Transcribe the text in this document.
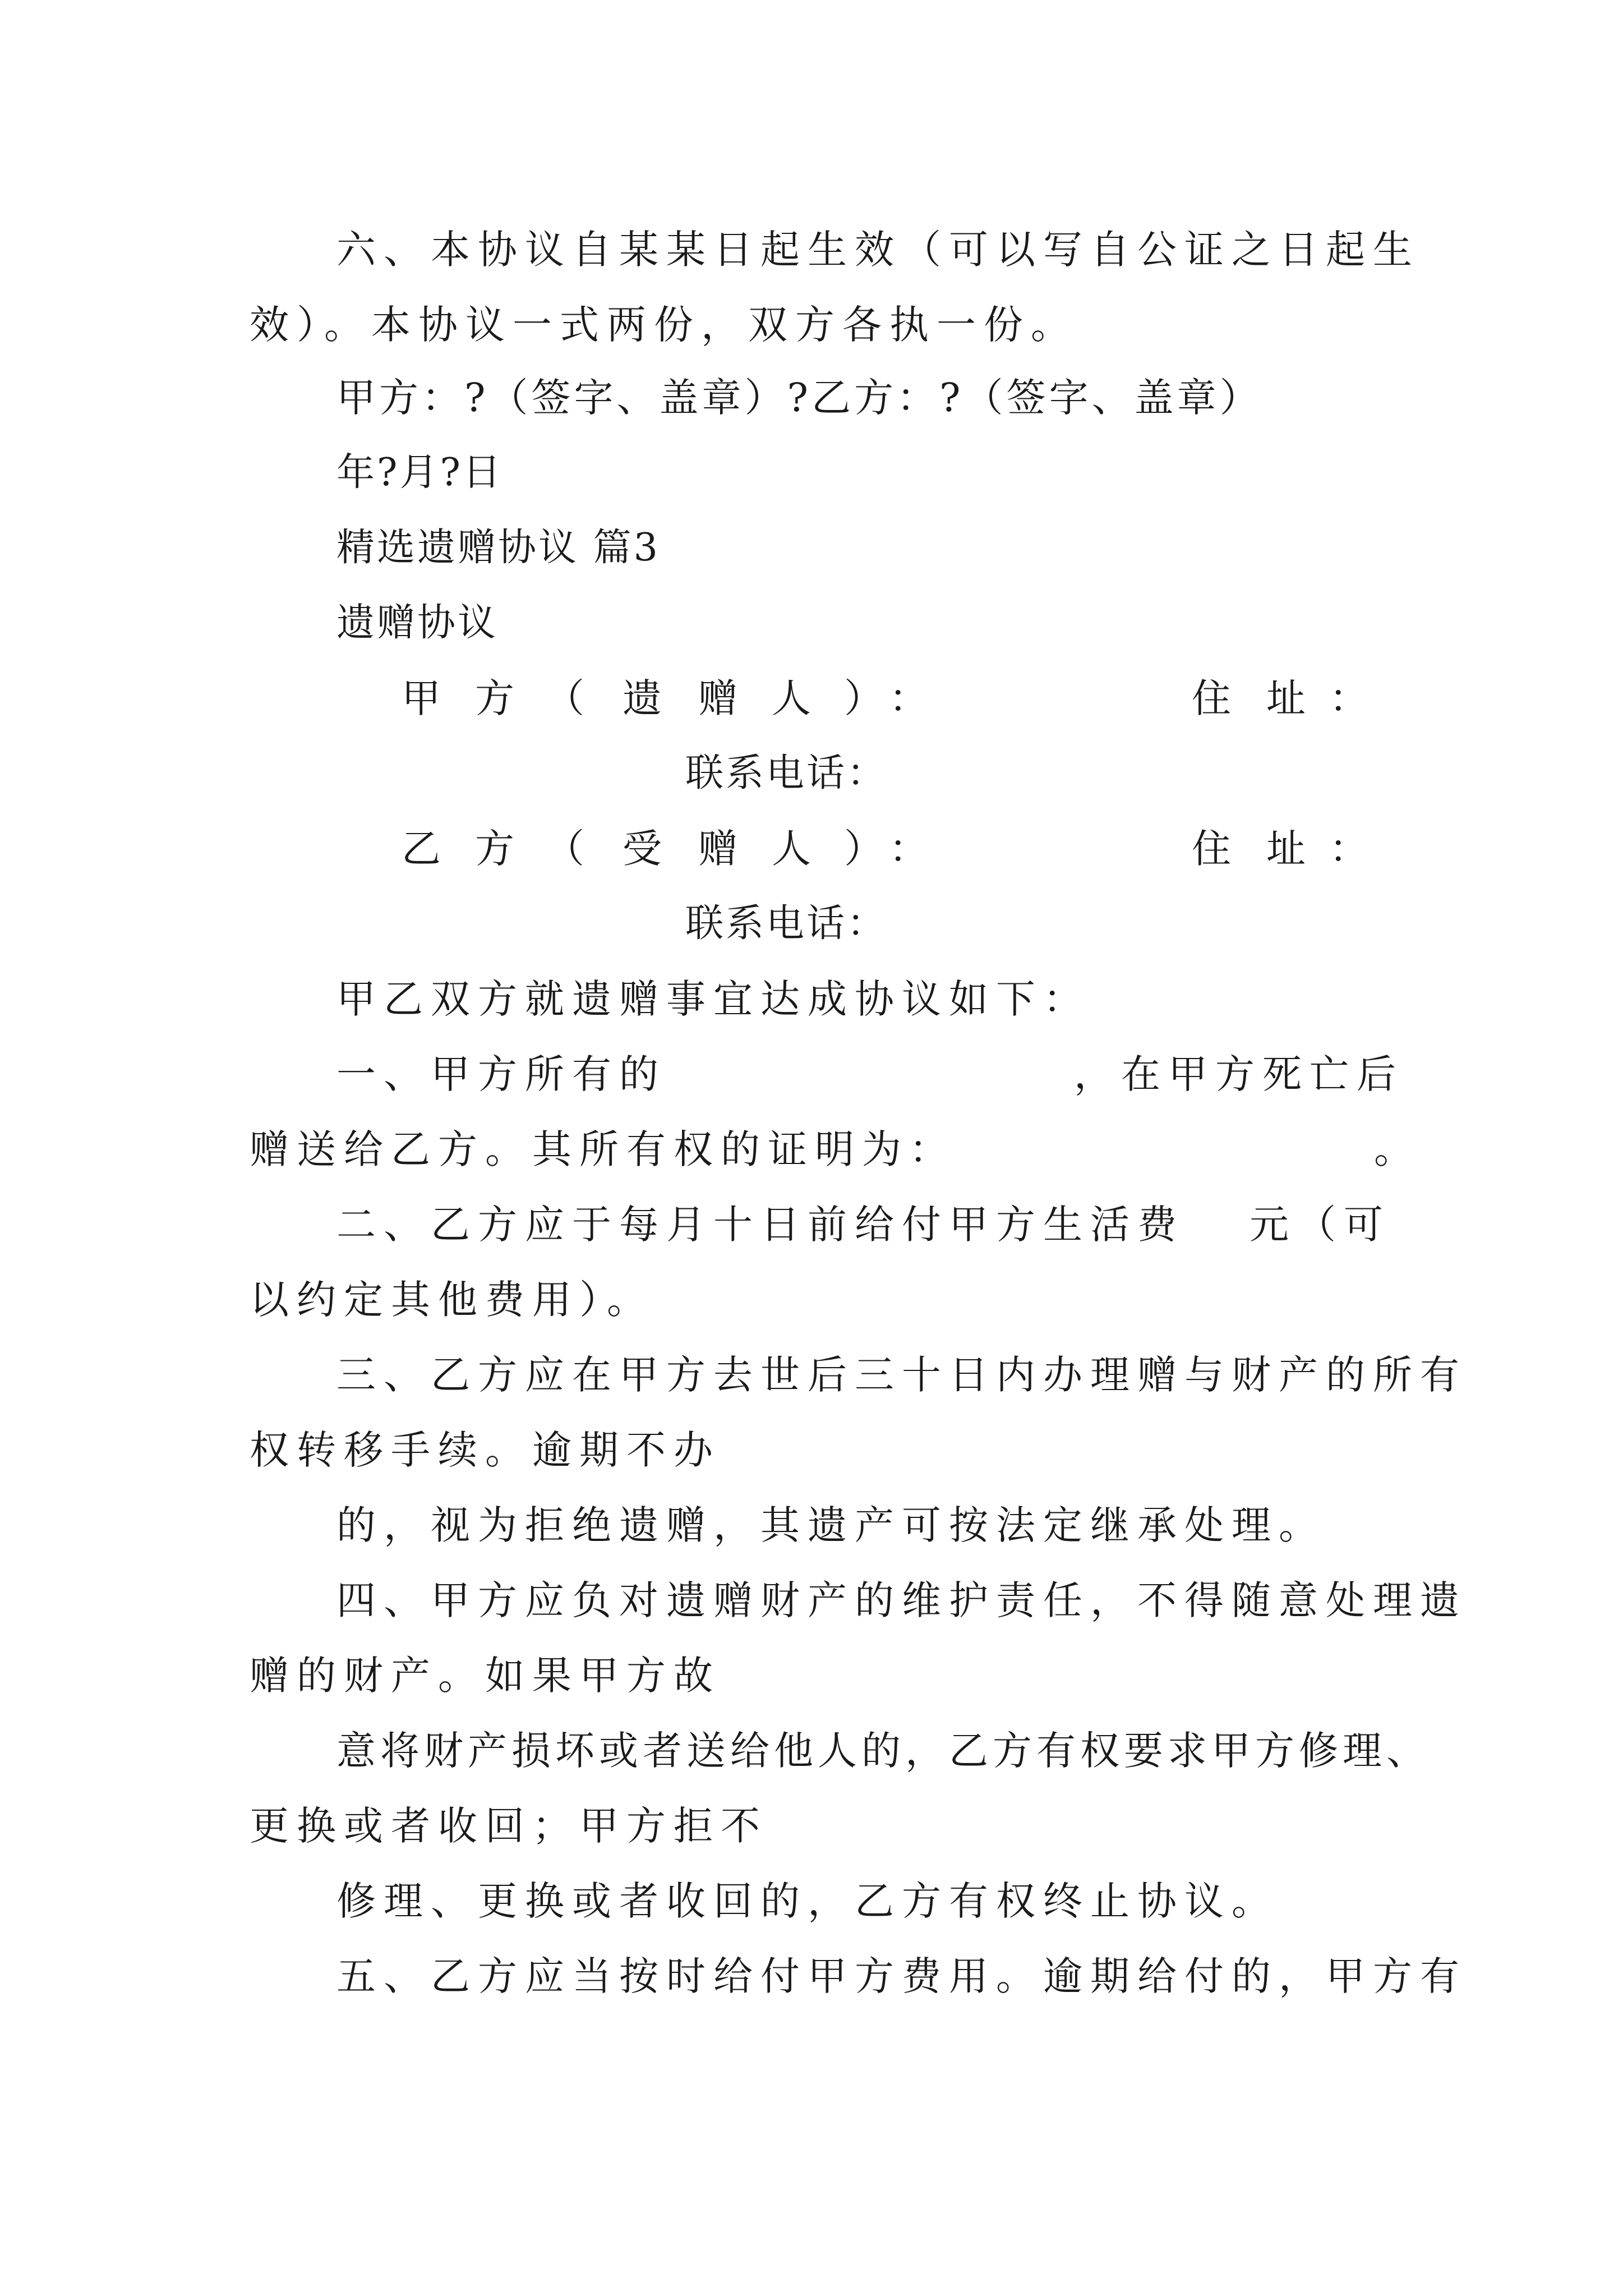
六、本协议自某某日起生效（可以写自公证之日起生
效）。本协议一式两份，双方各执一份。
甲方：?（签字、盖章）?乙方：?（签字、盖章）
年?月?日
精选遗赠协议 篇3
遗赠协议
甲 方 （ 遗 赠 人 ） ：	住 址 ：
联系电话：
乙 方 （ 受 赠 人 ） ：	住 址 ：
联系电话：
甲乙双方就遗赠事宜达成协议如下：
一、甲方所有的	，在甲方死亡后
赠送给乙方。其所有权的证明为：	。
二、乙方应于每月十日前给付甲方生活费 元（可
以约定其他费用）。
三、乙方应在甲方去世后三十日内办理赠与财产的所有
权转移手续。逾期不办
的，视为拒绝遗赠，其遗产可按法定继承处理。
四、甲方应负对遗赠财产的维护责任，不得随意处理遗
赠的财产。如果甲方故
意将财产损坏或者送给他人的，乙方有权要求甲方修理、
更换或者收回；甲方拒不
修理、更换或者收回的，乙方有权终止协议。
五、乙方应当按时给付甲方费用。逾期给付的，甲方有
